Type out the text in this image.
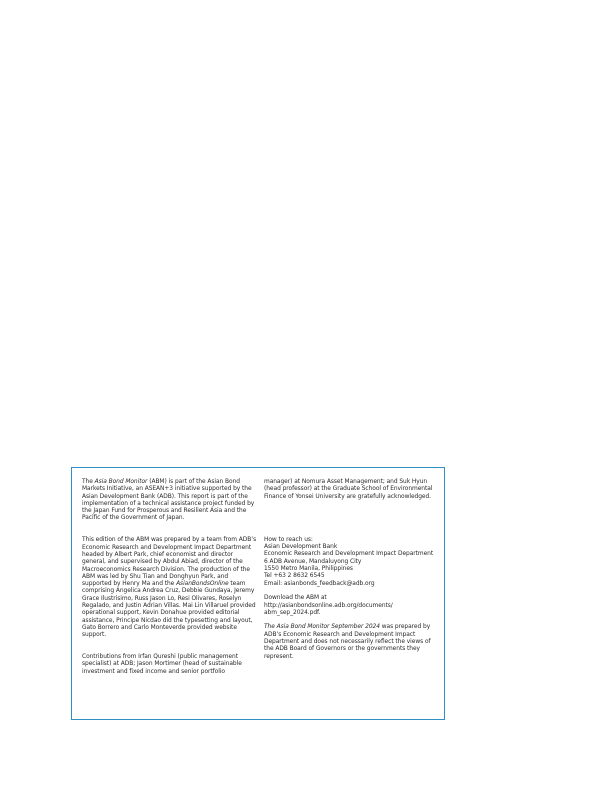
The Asia Bond Monitor (ABM) is part of the Asian Bond Markets Initiative, an ASEAN+3 initiative supported by the Asian Development Bank (ADB). This report is part of the implementation of a technical assistance project funded by the Japan Fund for Prosperous and Resilient Asia and the Pacific of the Government of Japan.

This edition of the ABM was prepared by a team from ADB’s Economic Research and Development Impact Department headed by Albert Park, chief economist and director general, and supervised by Abdul Abiad, director of the Macroeconomics Research Division. The production of the ABM was led by Shu Tian and Donghyun Park, and supported by Henry Ma and the AsianBondsOnline team comprising Angelica Andrea Cruz, Debbie Gundaya, Jeremy Grace Ilustrisimo, Russ Jason Lo, Resi Olivares, Roselyn Regalado, and Justin Adrian Villas. Mai Lin Villaruel provided operational support, Kevin Donahue provided editorial assistance, Principe Nicdao did the typesetting and layout, Gato Borrero and Carlo Monteverde provided website support.

Contributions from Irfan Qureshi (public management specialist) at ADB; Jason Mortimer (head of sustainable investment and fixed income and senior portfolio

manager) at Nomura Asset Management; and Suk Hyun (head professor) at the Graduate School of Environmental Finance of Yonsei University are gratefully acknowledged.

How to reach us:
Asian Development Bank
Economic Research and Development Impact Department
6 ADB Avenue, Mandaluyong City
1550 Metro Manila, Philippines
Tel +63 2 8632 6545
Email: asianbonds_feedback@adb.org
Download the ABM at
http://asianbondsonline.adb.org/documents/
abm_sep_2024.pdf.

The Asia Bond Monitor September 2024 was prepared by ADB’s Economic Research and Development Impact Department and does not necessarily reflect the views of the ADB Board of Governors or the governments they represent.
